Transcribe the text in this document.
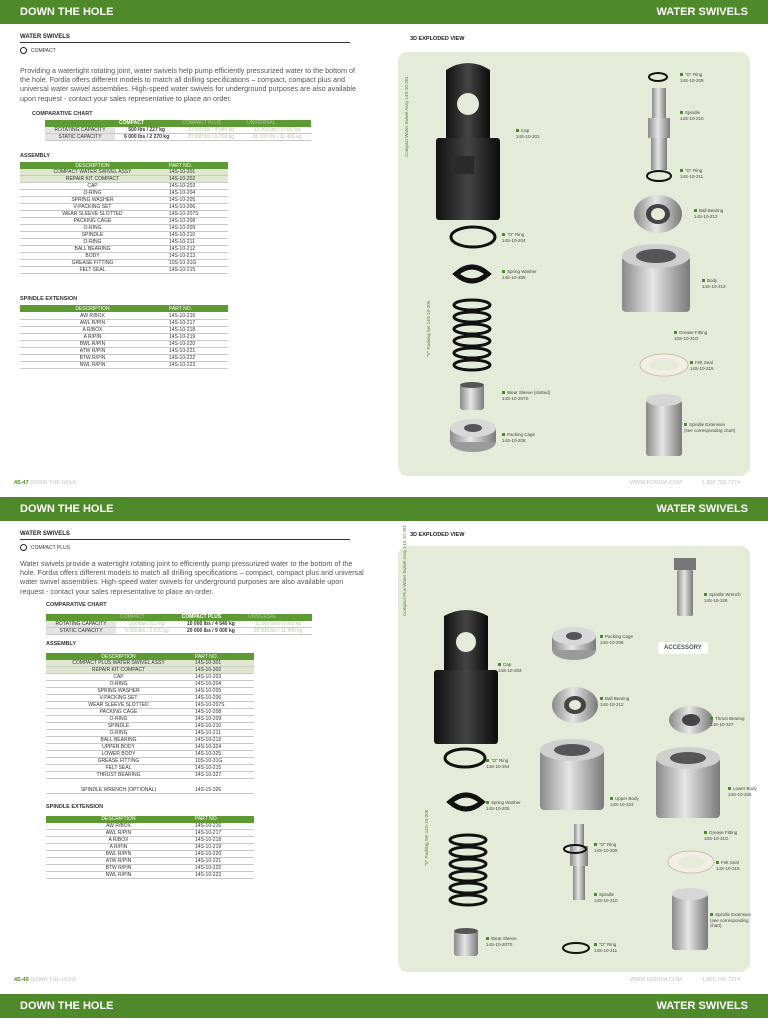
DOWN THE HOLE	WATER SWIVELS
DOWN THE HOLE	WATER SWIVELS
DOWN THE HOLE	WATER SWIVELS
WATER SWIVELS
COMPACT

Providing a watertight rotating joint, water swivels help pump efficiently pressurized water to the bottom of the hole. Fordia offers different models to match all drilling specifications – compact, compact plus and universal water swivel assemblies. High-speed water swivels for underground purposes are also available upon request - contact your sales representative to place an order.

COMPARATIVE CHART
	COMPACT	COMPACT PLUS	UNIVERSAL
ROTATING CAPACITY	500 lbs / 227 kg	10 000 lbs / 4 540 kg	11 000 lbs / 5 000 kg
STATIC CAPACITY	6 000 lbs / 2 270 kg	20 000 lbs / 9 000 kg	26 000 lbs / 11 400 kg
ASSEMBLY
DESCRIPTION	PART NO.
COMPACT WATER SWIVEL ASSY	14S-10-201
REPAIR KIT COMPACT	14S-10-202
CAP	14S-10-203
O-RING	14S-10-204
SPRING WASHER	14S-10-205
V-PACKING SET	14S-10-206
WEAR SLEEVE SLOTTED	14S-10-207S
PACKING CAGE	14S-10-208
O-RING	14S-10-209
SPINDLE	14S-10-210
O-RING	14S-10-211
BALL BEARING	14S-10-212
BODY	14S-10-213
GREASE FITTING	10S-10-31G
FELT SEAL	14S-10-215
SPINDLE EXTENSION
DESCRIPTION	PART NO.
AW R/BOX	14S-10-216
AWL R/PIN	14S-10-217
A R/BOX	14S-10-218
A R/PIN	14S-10-219
BWL R/PIN	14S-10-220
ATW R/PIN	14S-10-221
BTW R/PIN	14S-10-222
NWL R/PIN	14S-10-223
3D EXPLODED VIEW
Compact Water Swivel Assy 14S-10-201
"V" Packing Set 14S-10-206
Cap
14S-10-203
"O" Ring
14S-10-204
Spring Washer
14S-10-205
Wear Sleeve (slotted)
14S-10-207S
Packing Cage
14S-10-208
"O" Ring
14S-10-209
Spindle
14S-10-210
"O" Ring
14S-10-211
Ball Bearing
14S-10-212
Body
14S-10-213
Grease Fitting
10S-10-31G
Felt Seal
14S-10-215
Spindle Extension
(see corresponding chart)
4S-47 DOWN THE HOLE	WWW.FORDIA.COM	1.800.768.7274
WATER SWIVELS
COMPACT PLUS

Water swivels provide a watertight rotating joint to efficiently pump pressurized water to the bottom of the hole. Fordia offers different models to match all drilling specifications – compact, compact plus and universal water swivel assemblies. High-speed water swivels for underground purposes are also available upon request - contact your sales representative to place an order.

COMPARATIVE CHART
	COMPACT	COMPACT PLUS	UNIVERSAL
ROTATING CAPACITY	500 lbs / 227 kg	10 000 lbs / 4 540 kg	11 000 lbs / 5 000 kg
STATIC CAPACITY	5 000 lbs / 2 270 kg	20 000 lbs / 9 000 kg	25 000 lbs / 11 400 kg
ASSEMBLY
DESCRIPTION	PART NO.
COMPACT PLUS WATER SWIVEL ASSY	14S-10-301
REPAIR KIT COMPACT	14S-10-302
CAP	14S-10-203
O-RING	14S-10-204
SPRING WASHER	14S-10-205
V-PACKING SET	14S-10-206
WEAR SLEEVE SLOTTED	14S-10-207S
PACKING CAGE	14S-10-208
O-RING	14S-10-209
SPINDLE	14S-10-210
O-RING	14S-10-211
BALL BEARING	14S-10-212
UPPER BODY	14S-10-324
LOWER BODY	14S-10-325
GREASE FITTING	10S-10-31G
FELT SEAL	14S-10-215
THRUST BEARING	14S-10-327
SPINDLE WRENCH (OPTIONAL)	14S-15-326
SPINDLE EXTENSION
DESCRIPTION	PART NO.
AW R/BOX	14S-10-216
AWL R/PIN	14S-10-217
A R/BOX	14S-10-218
A R/PIN	14S-10-219
BWL R/PIN	14S-10-220
ATW R/PIN	14S-10-221
BTW R/PIN	14S-10-222
NWL R/PIN	14S-10-223
3D EXPLODED VIEW
Compact Plus Water Swivel Assy 14S-10-301
"V" Packing Set 14S-10-206
Cap
14S-10-203
"O" Ring
14S-10-204
Spring Washer
14S-10-205
Wear Sleeve
14S-10-207S
Packing Cage
14S-10-208
Ball Bearing
14S-10-212
Upper Body
14S-10-324
Spindle
14S-10-210
"O" Ring
14S-10-209
"O" Ring
14S-10-211
Spindle Wrench
14S-15-326
ACCESSORY
Thrust Bearing
14S-10-327
Lower Body
14S-10-325
Grease Fitting
10S-10-31G
Felt Seal
14S-10-215
Spindle Extension
(see corresponding
chart)
4S-49 DOWN THE HOLE	WWW.FORDIA.COM	1.800.768.7274
